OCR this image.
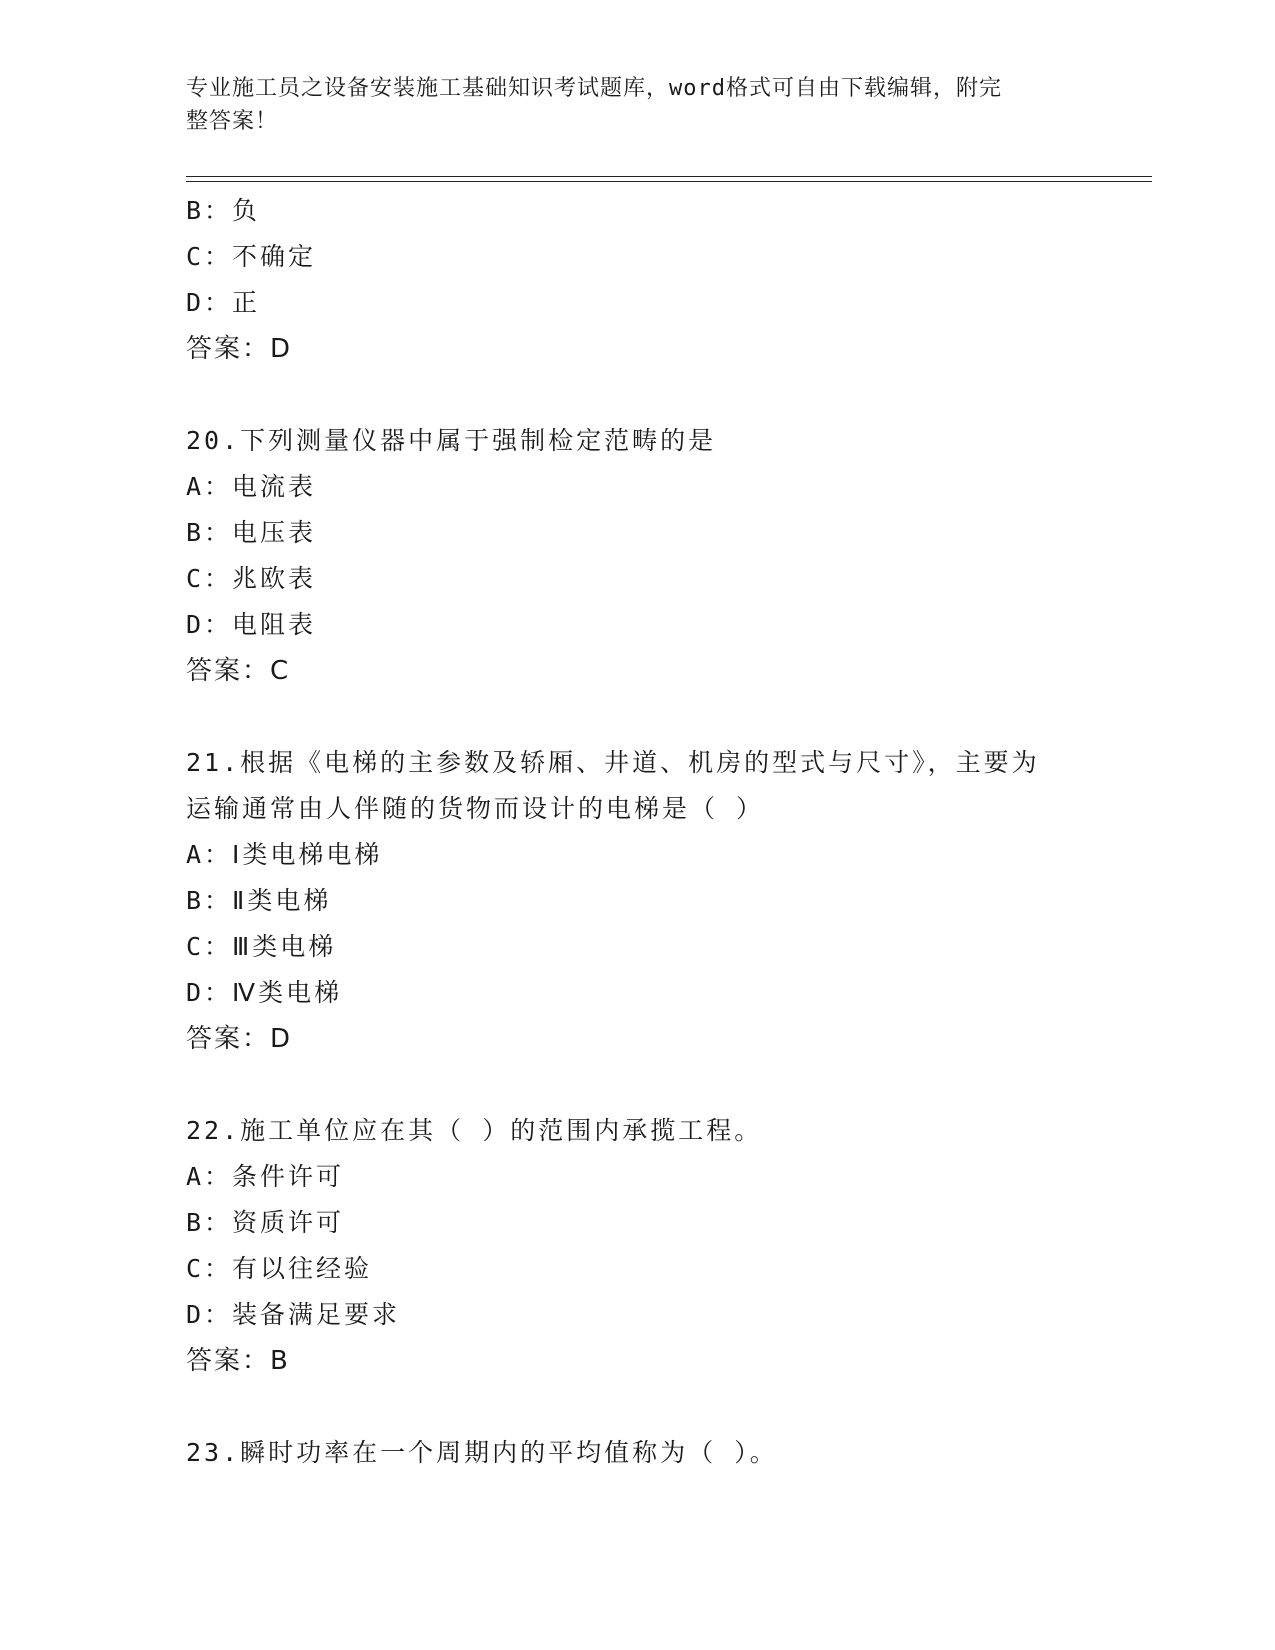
专业施工员之设备安装施工基础知识考试题库，word格式可自由下载编辑，附完
整答案！
B：负
C：不确定
D：正
答案：D
20.下列测量仪器中属于强制检定范畴的是
A：电流表
B：电压表
C：兆欧表
D：电阻表
答案：C
21.根据《电梯的主参数及轿厢、井道、机房的型式与尺寸》，主要为
运输通常由人伴随的货物而设计的电梯是（ ）
A：Ⅰ类电梯电梯
B：Ⅱ类电梯
C：Ⅲ类电梯
D：Ⅳ类电梯
答案：D
22.施工单位应在其（ ）的范围内承揽工程。
A：条件许可
B：资质许可
C：有以往经验
D：装备满足要求
答案：B
23.瞬时功率在一个周期内的平均值称为（ ）。
